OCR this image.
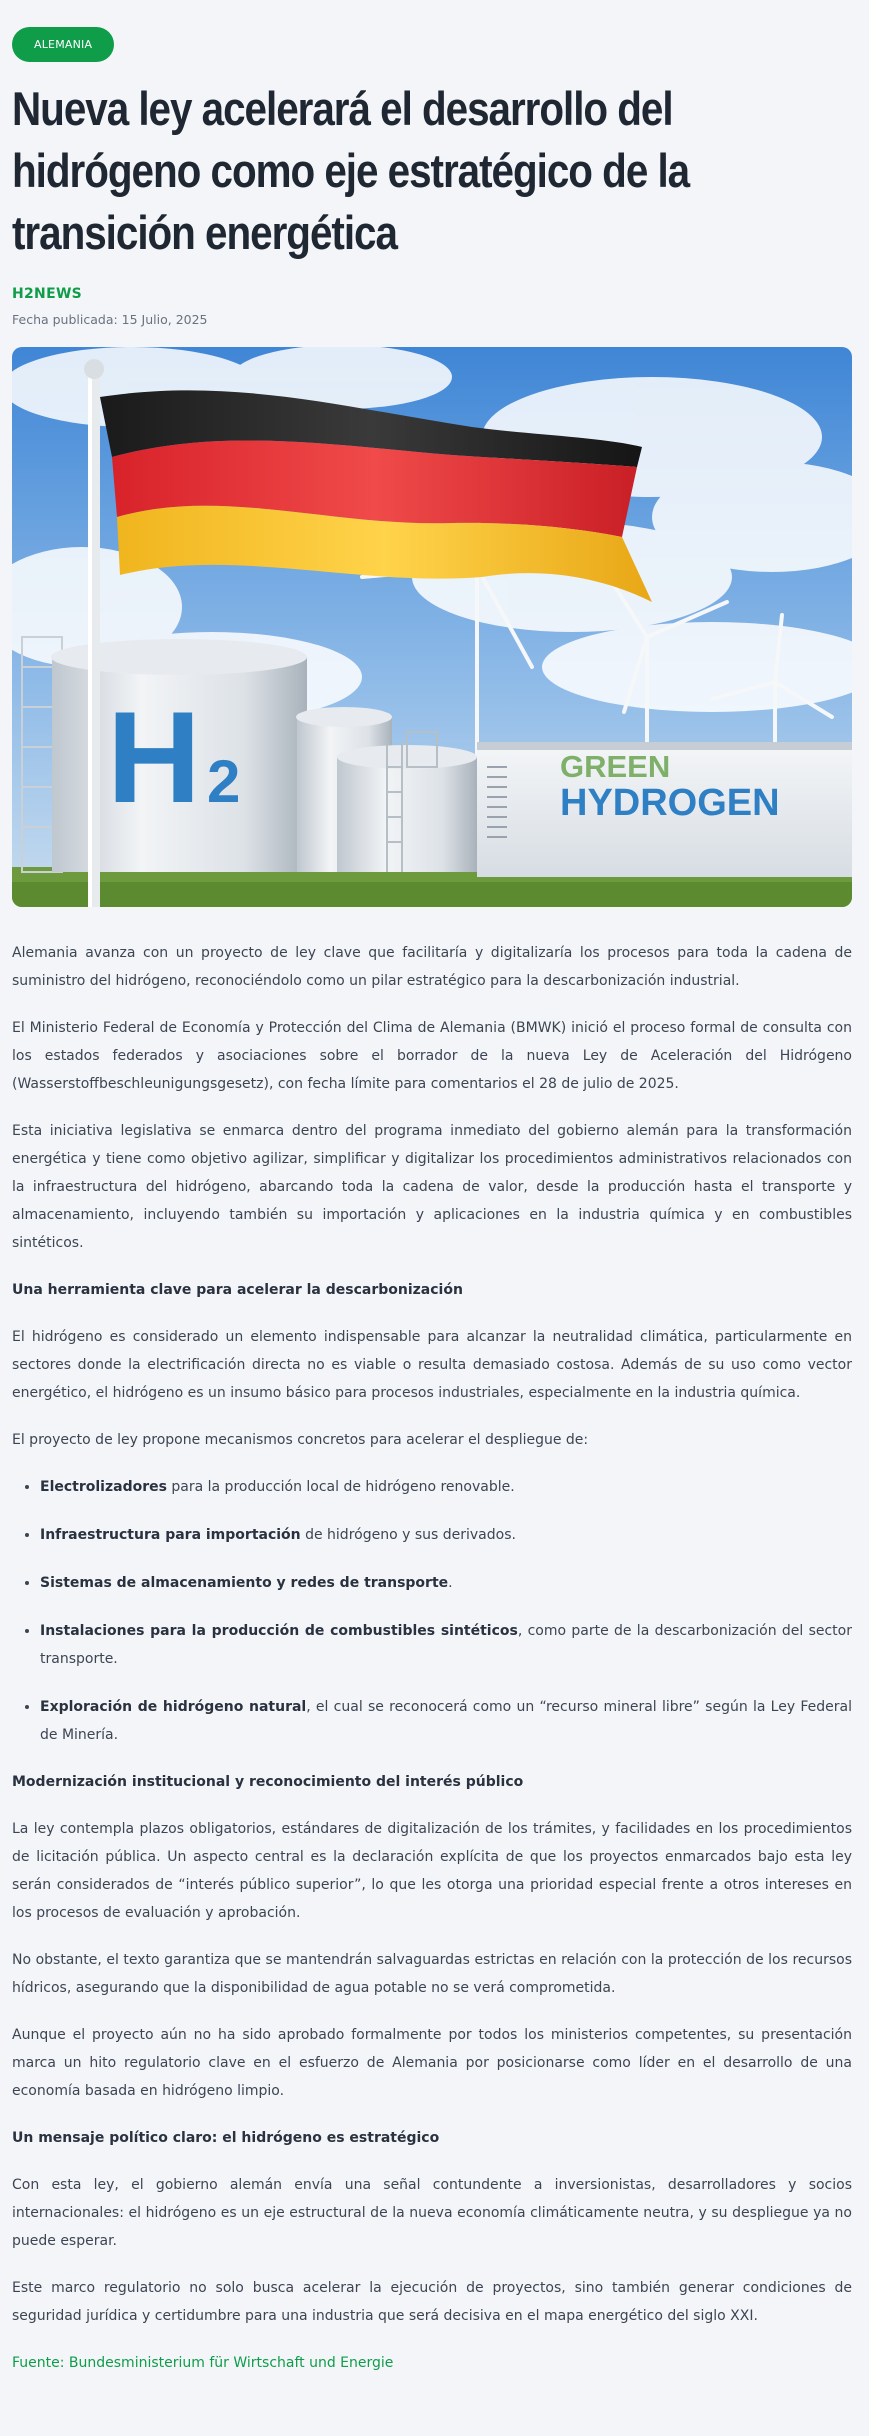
ALEMANIA
Nueva ley acelerará el desarrollo del hidrógeno como eje estratégico de la transición energética
H2NEWS
Fecha publicada: 15 Julio, 2025
H 2	GREEN
HYDROGEN

Alemania avanza con un proyecto de ley clave que facilitaría y digitalizaría los procesos para toda la cadena de suministro del hidrógeno, reconociéndolo como un pilar estratégico para la descarbonización industrial.

El Ministerio Federal de Economía y Protección del Clima de Alemania (BMWK) inició el proceso formal de consulta con los estados federados y asociaciones sobre el borrador de la nueva Ley de Aceleración del Hidrógeno (Wasserstoffbeschleunigungsgesetz), con fecha límite para comentarios el 28 de julio de 2025.

Esta iniciativa legislativa se enmarca dentro del programa inmediato del gobierno alemán para la transformación energética y tiene como objetivo agilizar, simplificar y digitalizar los procedimientos administrativos relacionados con la infraestructura del hidrógeno, abarcando toda la cadena de valor, desde la producción hasta el transporte y almacenamiento, incluyendo también su importación y aplicaciones en la industria química y en combustibles sintéticos.

Una herramienta clave para acelerar la descarbonización

El hidrógeno es considerado un elemento indispensable para alcanzar la neutralidad climática, particularmente en sectores donde la electrificación directa no es viable o resulta demasiado costosa. Además de su uso como vector energético, el hidrógeno es un insumo básico para procesos industriales, especialmente en la industria química.

El proyecto de ley propone mecanismos concretos para acelerar el despliegue de:

• Electrolizadores para la producción local de hidrógeno renovable.
• Infraestructura para importación de hidrógeno y sus derivados.
• Sistemas de almacenamiento y redes de transporte.
• Instalaciones para la producción de combustibles sintéticos, como parte de la descarbonización del sector transporte.
• Exploración de hidrógeno natural, el cual se reconocerá como un “recurso mineral libre” según la Ley Federal de Minería.
Modernización institucional y reconocimiento del interés público

La ley contempla plazos obligatorios, estándares de digitalización de los trámites, y facilidades en los procedimientos de licitación pública. Un aspecto central es la declaración explícita de que los proyectos enmarcados bajo esta ley serán considerados de “interés público superior”, lo que les otorga una prioridad especial frente a otros intereses en los procesos de evaluación y aprobación.

No obstante, el texto garantiza que se mantendrán salvaguardas estrictas en relación con la protección de los recursos hídricos, asegurando que la disponibilidad de agua potable no se verá comprometida.

Aunque el proyecto aún no ha sido aprobado formalmente por todos los ministerios competentes, su presentación marca un hito regulatorio clave en el esfuerzo de Alemania por posicionarse como líder en el desarrollo de una economía basada en hidrógeno limpio.

Un mensaje político claro: el hidrógeno es estratégico

Con esta ley, el gobierno alemán envía una señal contundente a inversionistas, desarrolladores y socios internacionales: el hidrógeno es un eje estructural de la nueva economía climáticamente neutra, y su despliegue ya no puede esperar.

Este marco regulatorio no solo busca acelerar la ejecución de proyectos, sino también generar condiciones de seguridad jurídica y certidumbre para una industria que será decisiva en el mapa energético del siglo XXI.

Fuente: Bundesministerium für Wirtschaft und Energie
